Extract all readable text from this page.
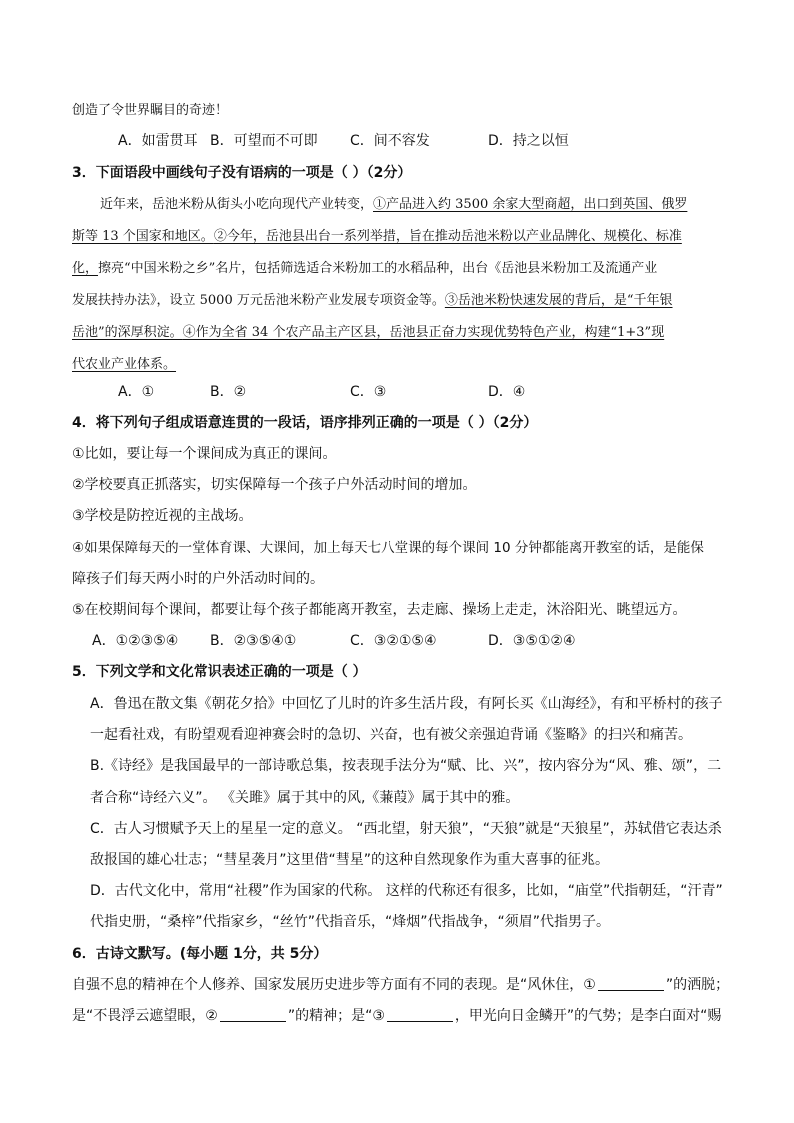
创造了令世界瞩目的奇迹！
A．如雷贯耳 B．可望而不可即 C．间不容发	D．持之以恒
3．下面语段中画线句子没有语病的一项是（ ）（2分）
近年来，岳池米粉从街头小吃向现代产业转变，①产品进入约 3500 余家大型商超，出口到英国、俄罗
斯等 13 个国家和地区。②今年，岳池县出台一系列举措，旨在推动岳池米粉以产业品牌化、规模化、标准
化，擦亮“中国米粉之乡”名片，包括筛选适合米粉加工的水稻品种，出台《岳池县米粉加工及流通产业
发展扶持办法》，设立 5000 万元岳池米粉产业发展专项资金等。③岳池米粉快速发展的背后，是“千年银
岳池”的深厚积淀。④作为全省 34 个农产品主产区县，岳池县正奋力实现优势特色产业，构建“1+3”现
代农业产业体系。
A．①	B．②	C．③	D．④
4．将下列句子组成语意连贯的一段话，语序排列正确的一项是（ ）（2分）
①比如，要让每一个课间成为真正的课间。
②学校要真正抓落实，切实保障每一个孩子户外活动时间的增加。
③学校是防控近视的主战场。
④如果保障每天的一堂体育课、大课间，加上每天七八堂课的每个课间 10 分钟都能离开教室的话，是能保
障孩子们每天两小时的户外活动时间的。
⑤在校期间每个课间，都要让每个孩子都能离开教室，去走廊、操场上走走，沐浴阳光、眺望远方。
A．①②③⑤④ B．②③⑤④①	C．③②①⑤④	D．③⑤①②④
5．下列文学和文化常识表述正确的一项是（ ）
A．鲁迅在散文集《朝花夕拾》中回忆了儿时的许多生活片段，有阿长买《山海经》，有和平桥村的孩子
一起看社戏，有盼望观看迎神赛会时的急切、兴奋，也有被父亲强迫背诵《鉴略》的扫兴和痛苦。
B.《诗经》是我国最早的一部诗歌总集，按表现手法分为“赋、比、兴”，按内容分为“风、雅、颂”，二
者合称“诗经六义”。 《关雎》属于其中的风,《蒹葭》属于其中的雅。
C．古人习惯赋予天上的星星一定的意义。 “西北望，射天狼”，“天狼”就是“天狼星”，苏轼借它表达杀
敌报国的雄心壮志；“彗星袭月”这里借“彗星”的这种自然现象作为重大喜事的征兆。
D．古代文化中，常用“社稷”作为国家的代称。 这样的代称还有很多，比如，“庙堂”代指朝廷，“汗青”
代指史册，“桑梓”代指家乡，“丝竹”代指音乐，“烽烟”代指战争，“须眉”代指男子。
6．古诗文默写。(每小题 1分，共 5分）
自强不息的精神在个人修养、国家发展历史进步等方面有不同的表现。是“风休住，①	”的洒脱；
是“不畏浮云遮望眼，②	”的精神；是“③	，甲光向日金鳞开”的气势；是李白面对“赐
